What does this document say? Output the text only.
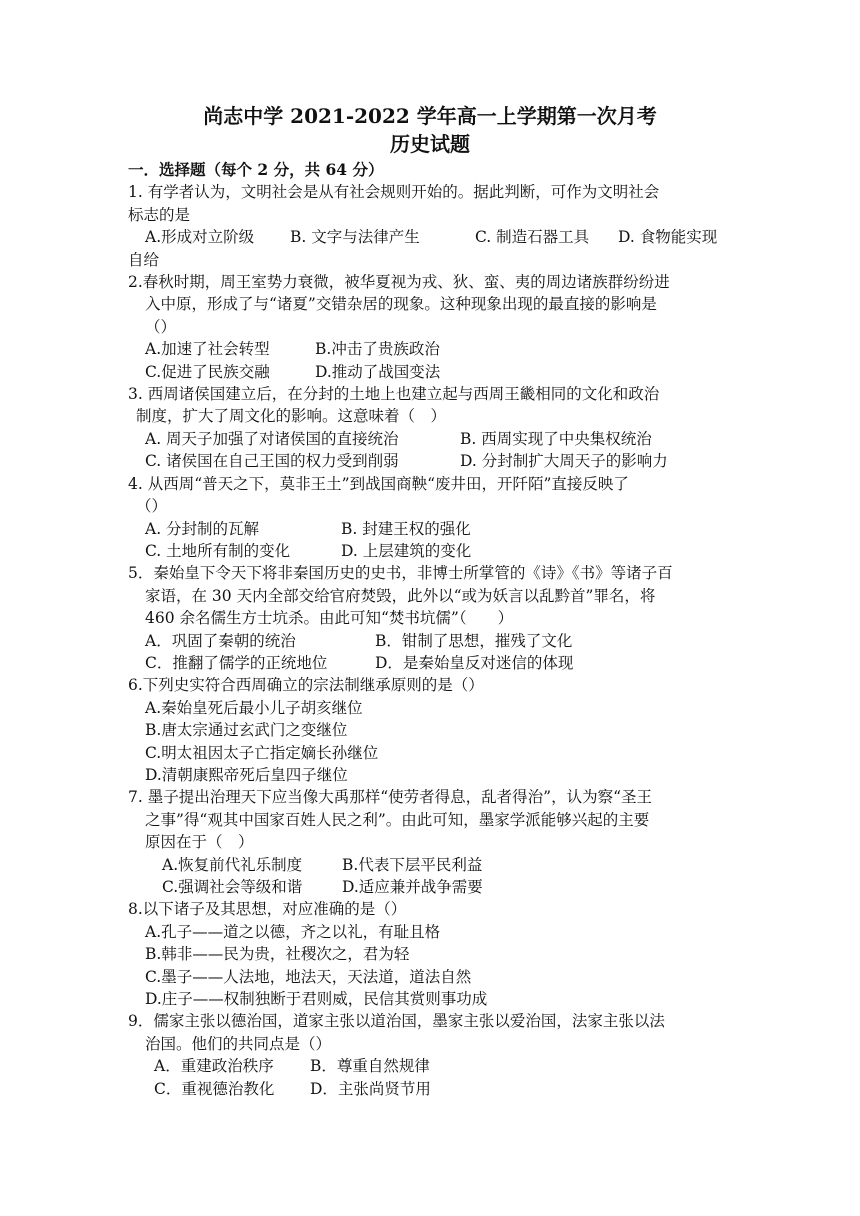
尚志中学 2021-2022 学年高一上学期第一次月考
历史试题
一．选择题（每个 2 分，共 64 分）
1. 有学者认为，文明社会是从有社会规则开始的。据此判断，可作为文明社会
标志的是
A.形成对立阶级 B. 文字与法律产生	C. 制造石器工具 D. 食物能实现
自给
2.春秋时期，周王室势力衰微，被华夏视为戎、狄、蛮、夷的周边诸族群纷纷进
入中原，形成了与“诸夏”交错杂居的现象。这种现象出现的最直接的影响是
（）
A.加速了社会转型	B.冲击了贵族政治
C.促进了民族交融	D.推动了战国变法
3. 西周诸侯国建立后，在分封的土地上也建立起与西周王畿相同的文化和政治
制度，扩大了周文化的影响。这意味着（　）
A. 周天子加强了对诸侯国的直接统治	B. 西周实现了中央集权统治
C. 诸侯国在自己王国的权力受到削弱	D. 分封制扩大周天子的影响力
4. 从西周“普天之下，莫非王土”到战国商鞅“废井田，开阡陌”直接反映了
（）
A. 分封制的瓦解	B. 封建王权的强化
C. 土地所有制的变化	D. 上层建筑的变化
5．秦始皇下令天下将非秦国历史的史书，非博士所掌管的《诗》《书》等诸子百
家语，在 30 天内全部交给官府焚毁，此外以“或为妖言以乱黔首”罪名，将
460 余名儒生方士坑杀。由此可知“焚书坑儒”（　　）
A．巩固了秦朝的统治	B．钳制了思想，摧残了文化
C．推翻了儒学的正统地位	D．是秦始皇反对迷信的体现
6.下列史实符合西周确立的宗法制继承原则的是（）
A.秦始皇死后最小儿子胡亥继位
B.唐太宗通过玄武门之变继位
C.明太祖因太子亡指定嫡长孙继位
D.清朝康熙帝死后皇四子继位
7. 墨子提出治理天下应当像大禹那样“使劳者得息，乱者得治”，认为察“圣王
之事”得“观其中国家百姓人民之利”。由此可知，墨家学派能够兴起的主要
原因在于（　）
A.恢复前代礼乐制度	B.代表下层平民利益
C.强调社会等级和谐	D.适应兼并战争需要
8.以下诸子及其思想，对应准确的是（）
A.孔子——道之以德，齐之以礼，有耻且格
B.韩非——民为贵，社稷次之，君为轻
C.墨子——人法地，地法天，天法道，道法自然
D.庄子——权制独断于君则威，民信其赏则事功成
9．儒家主张以德治国，道家主张以道治国，墨家主张以爱治国，法家主张以法
治国。他们的共同点是（）
A．重建政治秩序 B．尊重自然规律
C．重视德治教化 D．主张尚贤节用
